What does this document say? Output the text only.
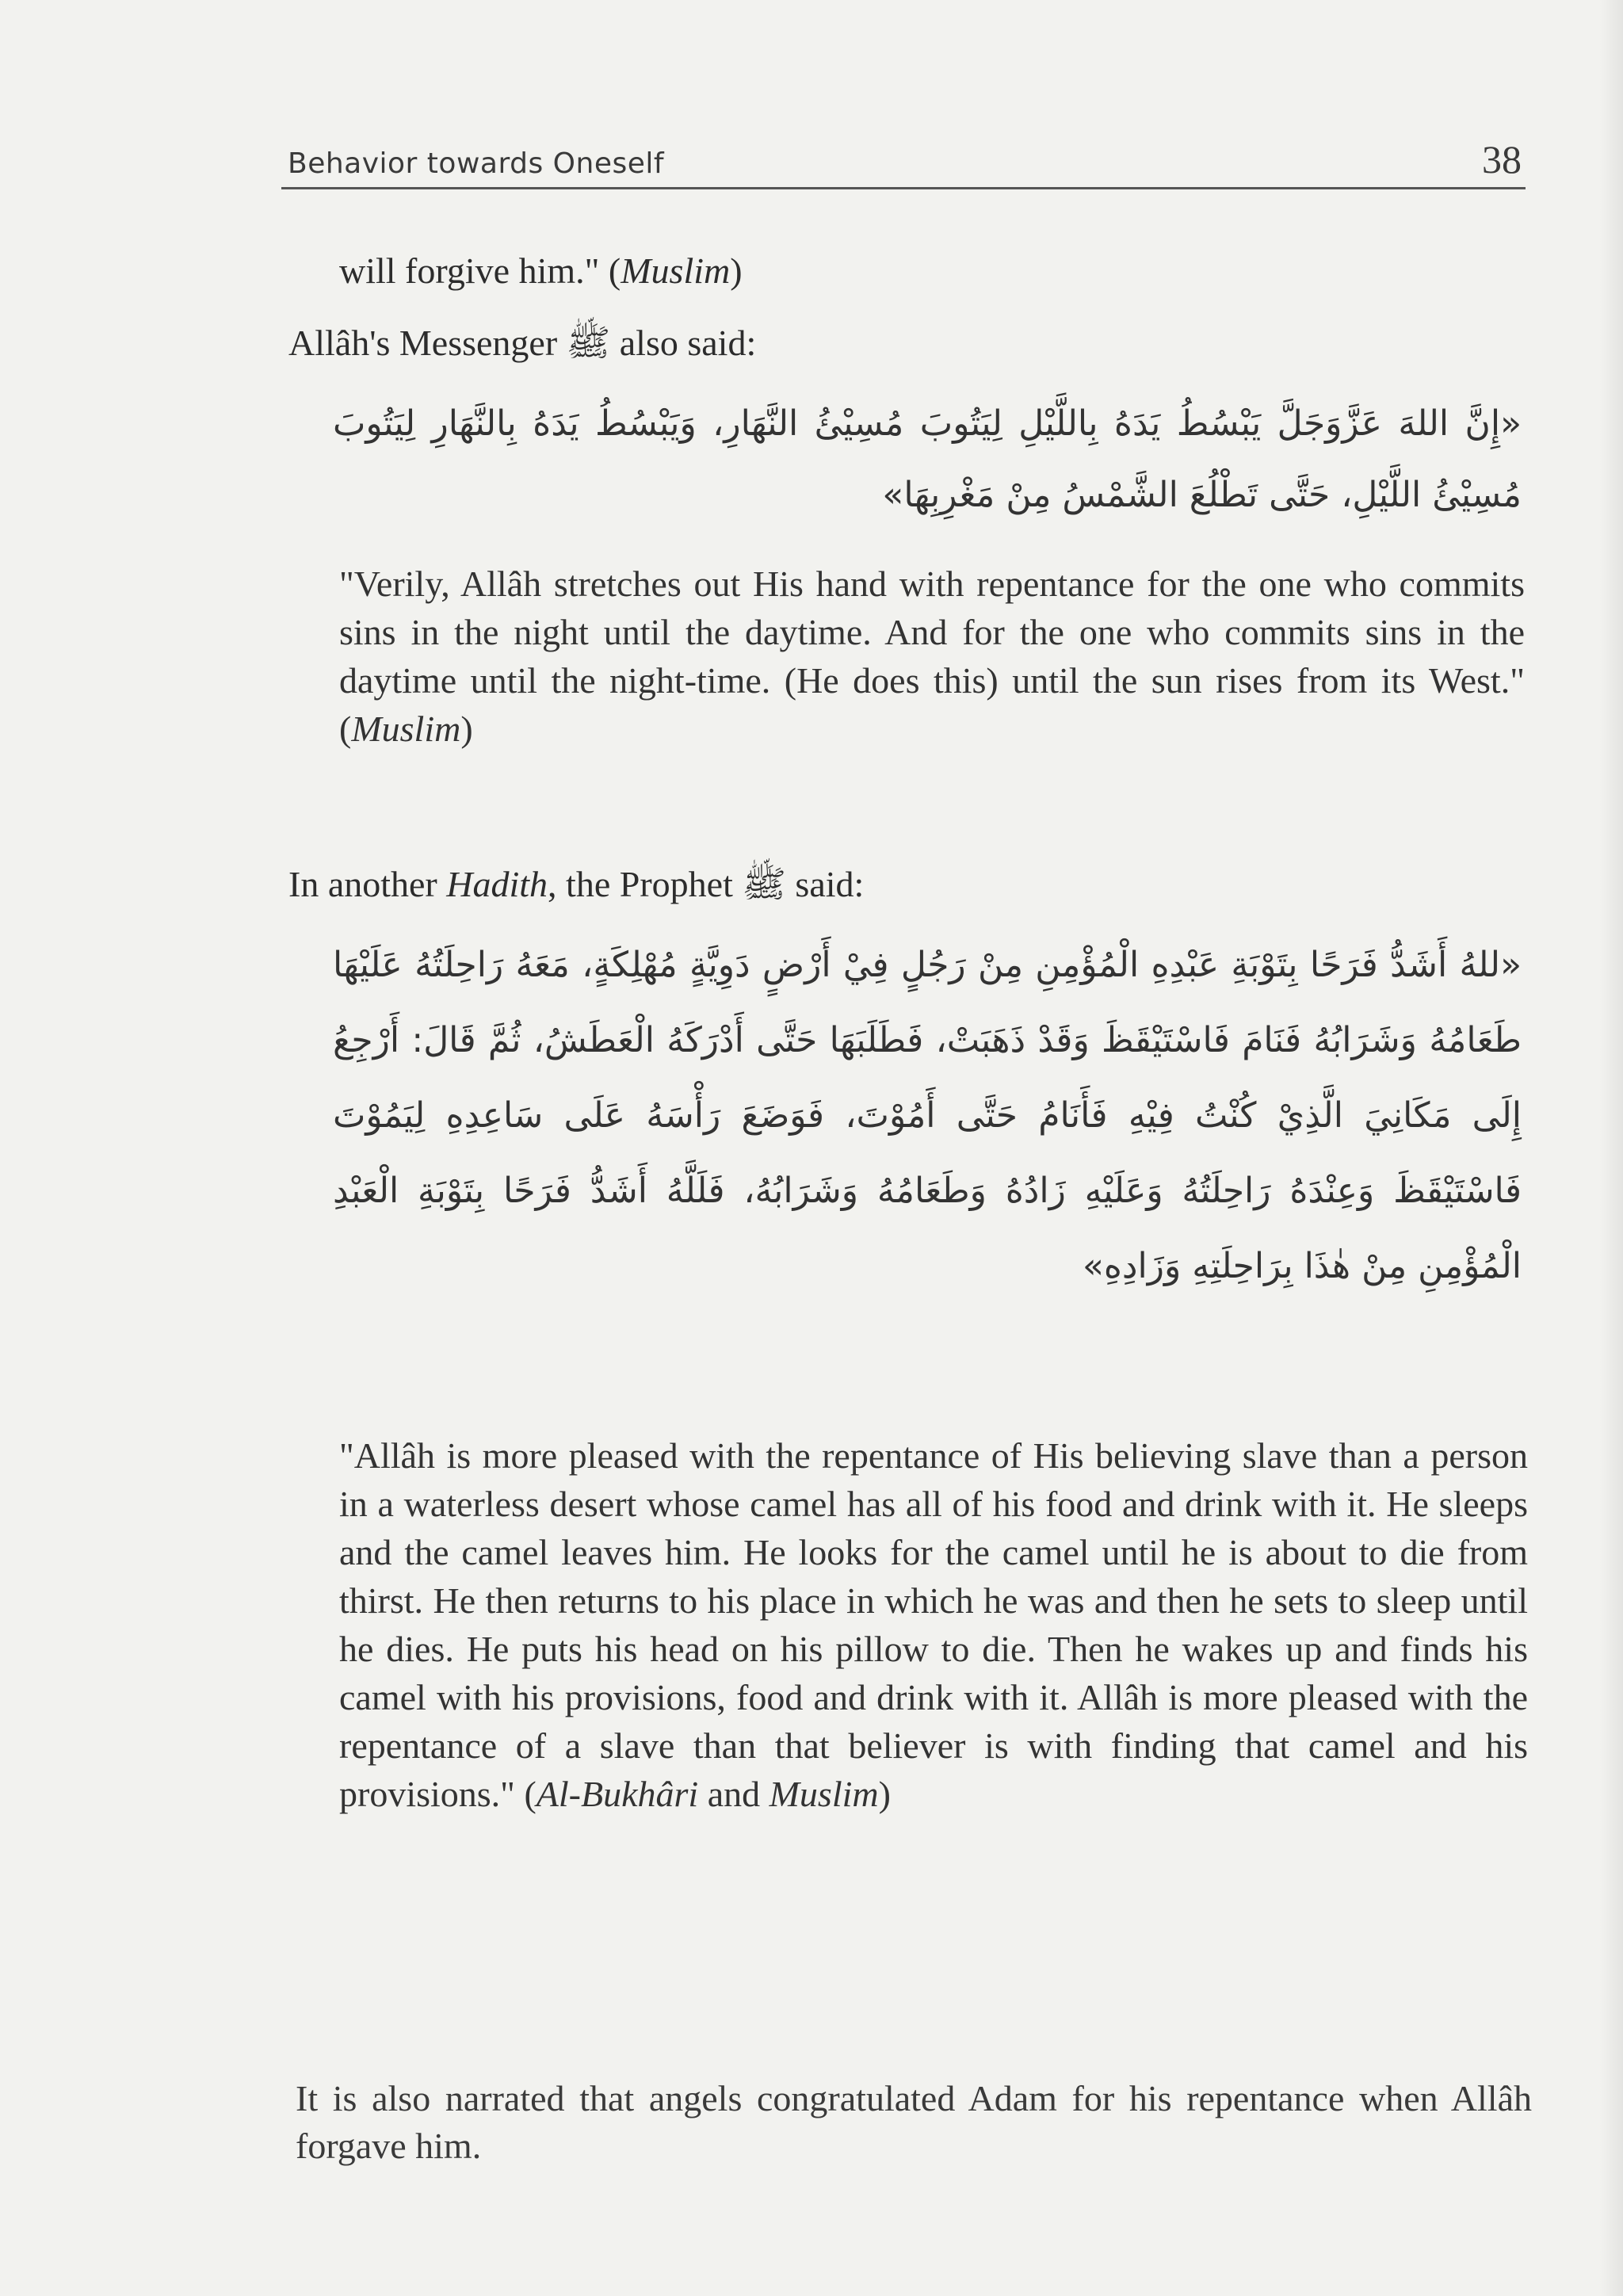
Behavior towards Oneself	38

will forgive him." (Muslim)

Allâh's Messenger ﷺ also said:

«إِنَّ اللهَ عَزَّوَجَلَّ يَبْسُطُ يَدَهُ بِاللَّيْلِ لِيَتُوبَ مُسِيْئُ النَّهَارِ، وَيَبْسُطُ يَدَهُ بِالنَّهَارِ لِيَتُوبَ مُسِيْئُ اللَّيْلِ، حَتَّى تَطْلُعَ الشَّمْسُ مِنْ مَغْرِبِهَا»

"Verily, Allâh stretches out His hand with repentance for the one who commits sins in the night until the daytime. And for the one who commits sins in the daytime until the night-time. (He does this) until the sun rises from its West." (Muslim)

In another Hadith, the Prophet ﷺ said:

«للهُ أَشَدُّ فَرَحًا بِتَوْبَةِ عَبْدِهِ الْمُؤْمِنِ مِنْ رَجُلٍ فِيْ أَرْضٍ دَوِيَّةٍ مُهْلِكَةٍ، مَعَهُ رَاحِلَتُهُ عَلَيْهَا طَعَامُهُ وَشَرَابُهُ فَنَامَ فَاسْتَيْقَظَ وَقَدْ ذَهَبَتْ، فَطَلَبَهَا حَتَّى أَدْرَكَهُ الْعَطَشُ، ثُمَّ قَالَ: أَرْجِعُ إِلَى مَكَانِيَ الَّذِيْ كُنْتُ فِيْهِ فَأَنَامُ حَتَّى أَمُوْتَ، فَوَضَعَ رَأْسَهُ عَلَى سَاعِدِهِ لِيَمُوْتَ فَاسْتَيْقَظَ وَعِنْدَهُ رَاحِلَتُهُ وَعَلَيْهِ زَادُهُ وَطَعَامُهُ وَشَرَابُهُ، فَلَلَّهُ أَشَدُّ فَرَحًا بِتَوْبَةِ الْعَبْدِ الْمُؤْمِنِ مِنْ هٰذَا بِرَاحِلَتِهِ وَزَادِهِ»

"Allâh is more pleased with the repentance of His believing slave than a person in a waterless desert whose camel has all of his food and drink with it. He sleeps and the camel leaves him. He looks for the camel until he is about to die from thirst. He then returns to his place in which he was and then he sets to sleep until he dies. He puts his head on his pillow to die. Then he wakes up and finds his camel with his provisions, food and drink with it. Allâh is more pleased with the repentance of a slave than that believer is with finding that camel and his provisions." (Al-Bukhâri and Muslim)

It is also narrated that angels congratulated Adam for his repentance when Allâh forgave him.
